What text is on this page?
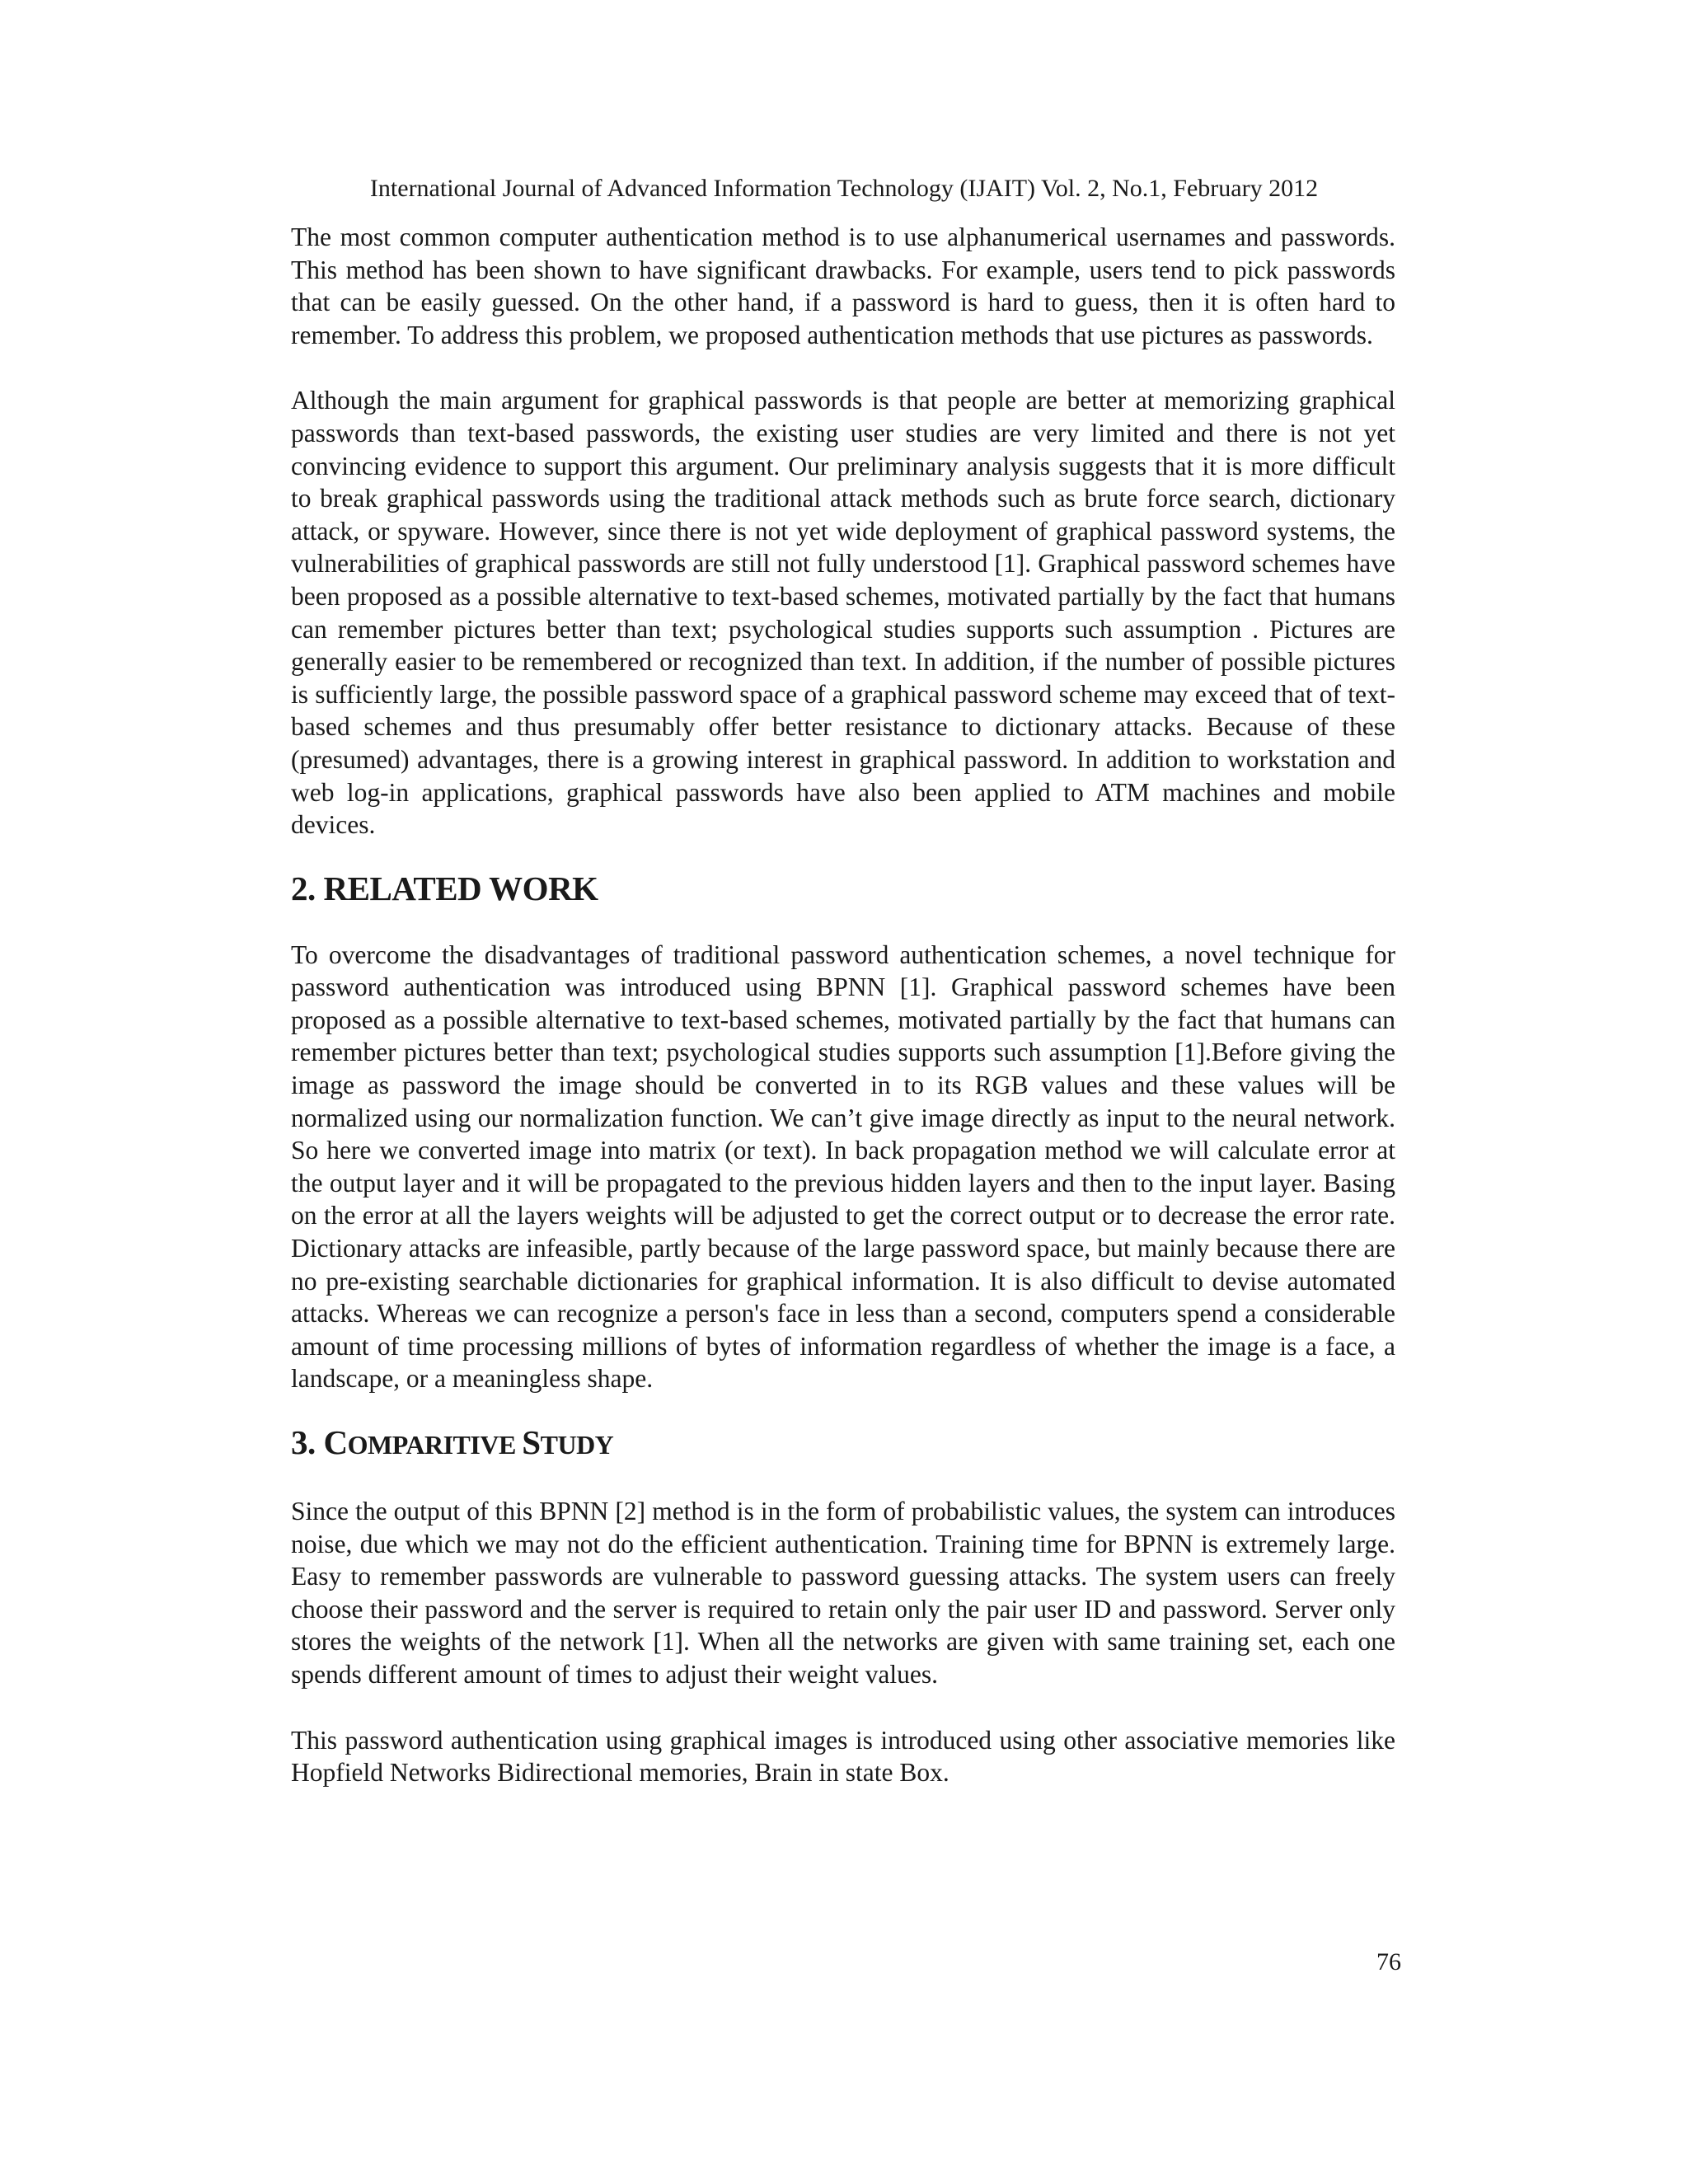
International Journal of Advanced Information Technology (IJAIT) Vol. 2, No.1, February 2012

The most common computer authentication method is to use alphanumerical usernames and passwords. This method has been shown to have significant drawbacks. For example, users tend to pick passwords that can be easily guessed. On the other hand, if a password is hard to guess, then it is often hard to remember. To address this problem, we proposed authentication methods that use pictures as passwords.

Although the main argument for graphical passwords is that people are better at memorizing graphical passwords than text-based passwords, the existing user studies are very limited and there is not yet convincing evidence to support this argument. Our preliminary analysis suggests that it is more difficult to break graphical passwords using the traditional attack methods such as brute force search, dictionary attack, or spyware. However, since there is not yet wide deployment of graphical password systems, the vulnerabilities of graphical passwords are still not fully understood [1]. Graphical password schemes have been proposed as a possible alternative to text-based schemes, motivated partially by the fact that humans can remember pictures better than text; psychological studies supports such assumption . Pictures are generally easier to be remembered or recognized than text. In addition, if the number of possible pictures is sufficiently large, the possible password space of a graphical password scheme may exceed that of text- based schemes and thus presumably offer better resistance to dictionary attacks. Because of these (presumed) advantages, there is a growing interest in graphical password. In addition to workstation and web log-in applications, graphical passwords have also been applied to ATM machines and mobile devices.

2. RELATED WORK

To overcome the disadvantages of traditional password authentication schemes, a novel technique for password authentication was introduced using BPNN [1]. Graphical password schemes have been proposed as a possible alternative to text-based schemes, motivated partially by the fact that humans can remember pictures better than text; psychological studies supports such assumption [1].Before giving the image as password the image should be converted in to its RGB values and these values will be normalized using our normalization function. We can’t give image directly as input to the neural network. So here we converted image into matrix (or text). In back propagation method we will calculate error at the output layer and it will be propagated to the previous hidden layers and then to the input layer. Basing on the error at all the layers weights will be adjusted to get the correct output or to decrease the error rate. Dictionary attacks are infeasible, partly because of the large password space, but mainly because there are no pre-existing searchable dictionaries for graphical information. It is also difficult to devise automated attacks. Whereas we can recognize a person's face in less than a second, computers spend a considerable amount of time processing millions of bytes of information regardless of whether the image is a face, a landscape, or a meaningless shape.

3. COMPARITIVE STUDY

Since the output of this BPNN [2] method is in the form of probabilistic values, the system can introduces noise, due which we may not do the efficient authentication. Training time for BPNN is extremely large. Easy to remember passwords are vulnerable to password guessing attacks. The system users can freely choose their password and the server is required to retain only the pair user ID and password. Server only stores the weights of the network [1]. When all the networks are given with same training set, each one spends different amount of times to adjust their weight values.

This password authentication using graphical images is introduced using other associative memories like Hopfield Networks Bidirectional memories, Brain in state Box.

76
